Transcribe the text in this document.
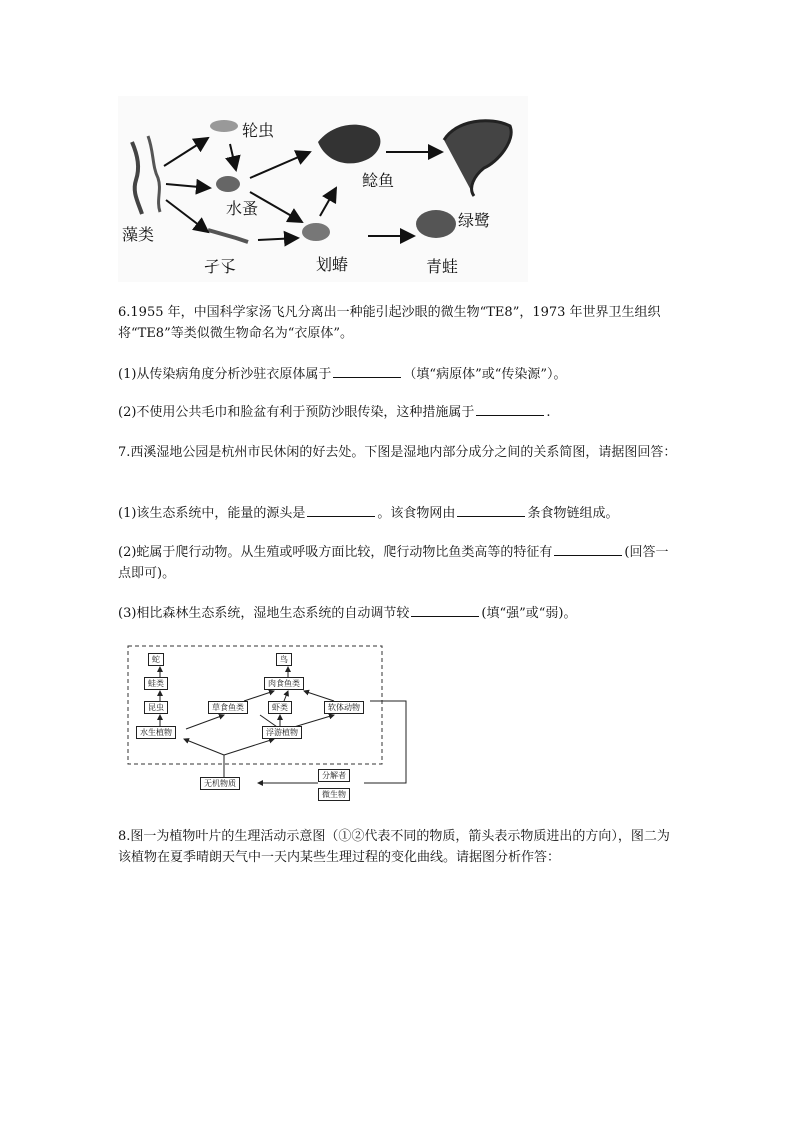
轮虫
水蚤
藻类
孑孓	划蝽
鲶鱼
青蛙
绿鹭
6.1955 年，中国科学家汤飞凡分离出一种能引起沙眼的微生物“TE8”，1973 年世界卫生组织将“TE8”等类似微生物命名为“衣原体”。
(1)从传染病角度分析沙驻衣原体属于	（填“病原体”或“传染源”）。
(2)不使用公共毛巾和脸盆有利于预防沙眼传染，这种措施属于	.
7.西溪湿地公园是杭州市民休闲的好去处。下图是湿地内部分成分之间的关系简图，请据图回答：
(1)该生态系统中，能量的源头是	。该食物网由	条食物链组成。
(2)蛇属于爬行动物。从生殖或呼吸方面比较，爬行动物比鱼类高等的特征有	(回答一点即可)。
(3)相比森林生态系统，湿地生态系统的自动调节较	(填“强”或“弱)。
蛇	鸟
蛙类	肉食鱼类
昆虫	草食鱼类	虾类	软体动物
水生植物	浮游植物
无机物质
分解者
微生物
8.图一为植物叶片的生理活动示意图（①②代表不同的物质，箭头表示物质进出的方向），图二为该植物在夏季晴朗天气中一天内某些生理过程的变化曲线。请据图分析作答：
